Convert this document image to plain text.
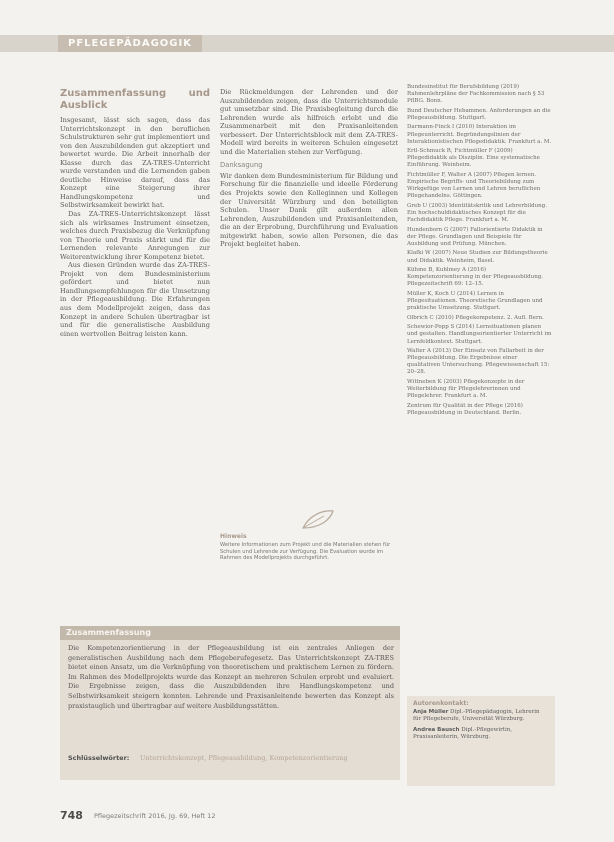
PFLEGEPÄDAGOGIK
Zusammenfassung und Ausblick

Insgesamt, lässt sich sagen, dass das Unterrichtskonzept in den beruflichen Schulstrukturen sehr gut implementiert und von den Auszubildenden gut akzeptiert und bewertet wurde. Die Arbeit innerhalb der Klasse durch das ZA-TRES-Unterricht wurde verstanden und die Lernenden gaben deutliche Hinweise darauf, dass das Konzept eine Steigerung ihrer Handlungskompetenz und Selbstwirksamkeit bewirkt hat.

Das ZA-TRES-Unterrichtskonzept lässt sich als wirksames Instrument einsetzen, welches durch Praxisbezug die Verknüpfung von Theorie und Praxis stärkt und für die Lernenden relevante Anregungen zur Weiterentwicklung ihrer Kompetenz bietet.

Aus diesen Gründen wurde das ZA-TRES-Projekt von dem Bundesministerium gefördert und bietet nun Handlungsempfehlungen für die Umsetzung in der Pflegeausbildung. Die Erfahrungen aus dem Modellprojekt zeigen, dass das Konzept in andere Schulen übertragbar ist und für die generalistische Ausbildung einen wertvollen Beitrag leisten kann.

Die Rückmeldungen der Lehrenden und der Auszubildenden zeigen, dass die Unterrichtsmodule gut umsetzbar sind. Die Praxisbegleitung durch die Lehrenden wurde als hilfreich erlebt und die Zusammenarbeit mit den Praxisanleitenden verbessert. Der Unterrichtsblock mit dem ZA-TRES-Modell wird bereits in weiteren Schulen eingesetzt und die Materialien stehen zur Verfügung.

Danksagung

Wir danken dem Bundesministerium für Bildung und Forschung für die finanzielle und ideelle Förderung des Projekts sowie den Kolleginnen und Kollegen der Universität Würzburg und den beteiligten Schulen. Unser Dank gilt außerdem allen Lehrenden, Auszubildenden und Praxisanleitenden, die an der Erprobung, Durchführung und Evaluation mitgewirkt haben, sowie allen Personen, die das Projekt begleitet haben.

Hinweis
Weitere Informationen zum Projekt und die Materialien stehen für Schulen und Lehrende zur Verfügung. Die Evaluation wurde im Rahmen des Modellprojekts durchgeführt.
Bundesinstitut für Berufsbildung (2019) Rahmenlehrpläne der Fachkommission nach § 53 PflBG. Bonn.
Bund Deutscher Hebammen. Anforderungen an die Pflegeausbildung. Stuttgart.
Darmann-Finck I (2010) Interaktion im Pflegeunterricht. Begründungslinien der Interaktionistischen Pflegedidaktik. Frankfurt a. M.
Ertl-Schmuck R, Fichtmüller F (2009) Pflegedidaktik als Disziplin. Eine systematische Einführung. Weinheim.
Fichtmüller F, Walter A (2007) Pflegen lernen. Empirische Begriffs- und Theoriebildung zum Wirkgefüge von Lernen und Lehren beruflichen Pflegehandelns. Göttingen.
Greb U (2003) Identitätskritik und Lehrerbildung. Ein hochschuldidaktisches Konzept für die Fachdidaktik Pflege. Frankfurt a. M.
Hundenborn G (2007) Fallorientierte Didaktik in der Pflege. Grundlagen und Beispiele für Ausbildung und Prüfung. München.
Klafki W (2007) Neue Studien zur Bildungstheorie und Didaktik. Weinheim, Basel.
Kühme B, Kuhlmey A (2016) Kompetenzorientierung in der Pflegeausbildung. Pflegezeitschrift 69: 12–15.
Müller K, Koch U (2014) Lernen in Pflegesituationen. Theoretische Grundlagen und praktische Umsetzung. Stuttgart.
Olbrich C (2010) Pflegekompetenz. 2. Aufl. Bern.
Schewior-Popp S (2014) Lernsituationen planen und gestalten. Handlungsorientierter Unterricht im Lernfeldkontext. Stuttgart.
Walter A (2013) Der Einsatz von Fallarbeit in der Pflegeausbildung. Die Ergebnisse einer qualitativen Untersuchung. Pflegewissenschaft 15: 20–28.
Wittneben K (2003) Pflegekonzepte in der Weiterbildung für Pflegelehrerinnen und Pflegelehrer. Frankfurt a. M.
Zentrum für Qualität in der Pflege (2016) Pflegeausbildung in Deutschland. Berlin.
Zusammenfassung
Die Kompetenzorientierung in der Pflegeausbildung ist ein zentrales Anliegen der generalistischen Ausbildung nach dem Pflegeberufegesetz. Das Unterrichtskonzept ZA-TRES bietet einen Ansatz, um die Verknüpfung von theoretischem und praktischem Lernen zu fördern. Im Rahmen des Modellprojekts wurde das Konzept an mehreren Schulen erprobt und evaluiert. Die Ergebnisse zeigen, dass die Auszubildenden ihre Handlungskompetenz und Selbstwirksamkeit steigern konnten. Lehrende und Praxisanleitende bewerten das Konzept als praxistauglich und übertragbar auf weitere Ausbildungsstätten.
Schlüsselwörter: Unterrichtskonzept, Pflegeausbildung, Kompetenzorientierung
Autorenkontakt:
Anja Müller Dipl.-Pflegepädagogin, Lehrerin für Pflegeberufe, Universität Würzburg.
Andrea Bausch Dipl.-Pflegewirtin, Praxisanleiterin, Würzburg.
748 Pflegezeitschrift 2016, Jg. 69, Heft 12
